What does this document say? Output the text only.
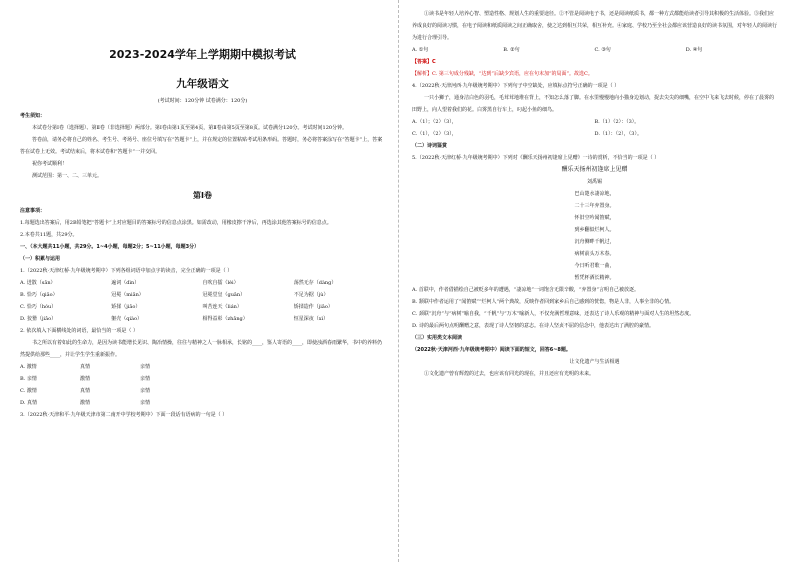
2023-2024学年上学期期中模拟考试
九年级语文
(考试时间：120分钟 试卷满分：120分)

考生须知：

本试卷分第Ⅰ卷（选择题）、第Ⅱ卷（非选择题）两部分。第Ⅰ卷由第1页至第4页，第Ⅱ卷由第5页至第8页。试卷满分120分。考试时间120分钟。

答卷前，请务必将自己的姓名、考生号、考场号、座位号填写在“答题卡”上，并在规定的位置粘贴考试用条形码。答题时，务必将答案涂写在“答题卡”上，答案答在试卷上无效。考试结束后，将本试卷和“答题卡”一并交回。

祝你考试顺利！

测试范围：第一、二、三单元。

第Ⅰ卷

注意事项：

1.每题选出答案后，用2B铅笔把“答题卡”上对应题目的答案标号的信息点涂黑。如需改动，用橡皮擦干净后，再选涂其他答案标号的信息点。

2.本卷共11题，共29分。

一、（本大题共11小题，共29分。1~4小题，每题2分；5~11小题，每题3分）

（一）积累与运用

1.（2022秋·天津红桥·九年级统考期中）下列各组词语中加点字的读音，完全正确的一项是（ ）

A. 迸散（sǎn）	遍词（dìn）	自吹自擂（lèi）	荡然无存（dàng）
B. 恰巧（qiǎo）	冠冕（miǎn）	冠冕堂皇（guān）	不足为据（jù）
C. 恰巧（hóu）	矫揉（jiǎo）	叫苦连天（lián）	矫揉造作（jiāo）
D. 狡猾（jiǎo）	躯壳（qiào）	相得益彰（zhāng）	恒星深夜（xì）

2. 依次填入下面横线处的词语，最恰当的一项是（ ）

书之所以有着如此的生命力，是因为读书能增长见识、陶冶情操，往往与精神之人一脉相承，长铭的____，鉴人寄语的____，即使浊酒春雨繁华，书中的养料仍然提供给那些____，并让学生学生重新振作。

A. 激情	真情	亲情
B. 亲情	激情	亲情
C. 激情	真情	亲情
D. 真情	激情	亲情

3.（2022秋·天津和平·九年级天津市第二南开中学校考期中）下面一段话有语病的一句是（ ）

①读书是年轻人培养心智、塑造性格、规划人生的重要途径。②不管是阅读电子书，还是阅读纸质书，都一种方式都能给读者引导其积极的生活体验。③我们应养成良好的阅读习惯，在电子阅读和纸质阅读之间正确取舍，使之达到相互共荣，相互补充。④家庭、学校乃至全社会都应该营造良好的读书氛围，对年轻人的阅读行为进行合理引导。

A. ①句	B. ②句	C. ③句	D. ④句

【答案】C

【解析】C. 第三句成分残缺，“达到”后缺少宾语，应在句末加“的局面”。故选C。

4.（2022秋·天津河西·九年级统考期中）下列句子中空缺处，应填标点符号正确的一项是（ ）

一只小狮子，通身洁白色的羽毛，毛茸茸地堆在背上，不知怎么落了脚。在水里慢慢地向小猫身边划动，捉去尖尖的细嘴，在空中飞来飞去时候，停在了晨雾的田野上，向人望着我们的花。白雾黑自行车上，叼起小鱼的细鸟。

A.（1）；（2）（3），	B.（1）（2）：（3）。
C.（1），（2）（3），	D.（1）：（2），（3）。

（二）诗词鉴赏

5.（2022秋·天津红桥·九年级统考期中）下列对《酬乐天扬州初逢席上见赠》一诗的赏析，不恰当的一项是（ ）

酬乐天扬州初逢席上见赠
刘禹锡
巴山楚水凄凉地，
二十三年弃置身。
怀旧空吟闻笛赋，
到乡翻似烂柯人。
沉舟侧畔千帆过，
病树前头万木春。
今日听君歌一曲，
暂凭杯酒长精神。

A. 首联中，作者借描绘自己被贬多年的遭遇，“凄凉地”一词饱含无限辛酸，“弃置身”言明自己被放逐。

B. 颔联中作者运用了“闻笛赋”“烂柯人”两个典故，反映作者回到家乡后自己感到的恍惚，物是人非，人事全非的心情。

C. 颈联“沉舟”与“病树”喻自我，“千帆”与“万木”喻新人，不仅充满哲理意味，还表达了诗人乐观的精神与面对人生的坦然态度。

D. 诗的最后两句点明酬赠之意，表现了诗人坚韧的意志。在诗人坚贞不屈的信念中，他表达出了满腔的豪情。

（三）实用类文本阅读

（2022秋·天津河西·九年级统考期中）阅读下面的短文，回答6~8题。

让文化遗产与生活相遇

①文化遗产曾有辉煌的过去，也应该有同光的现在，并且还应有光明的未来。
